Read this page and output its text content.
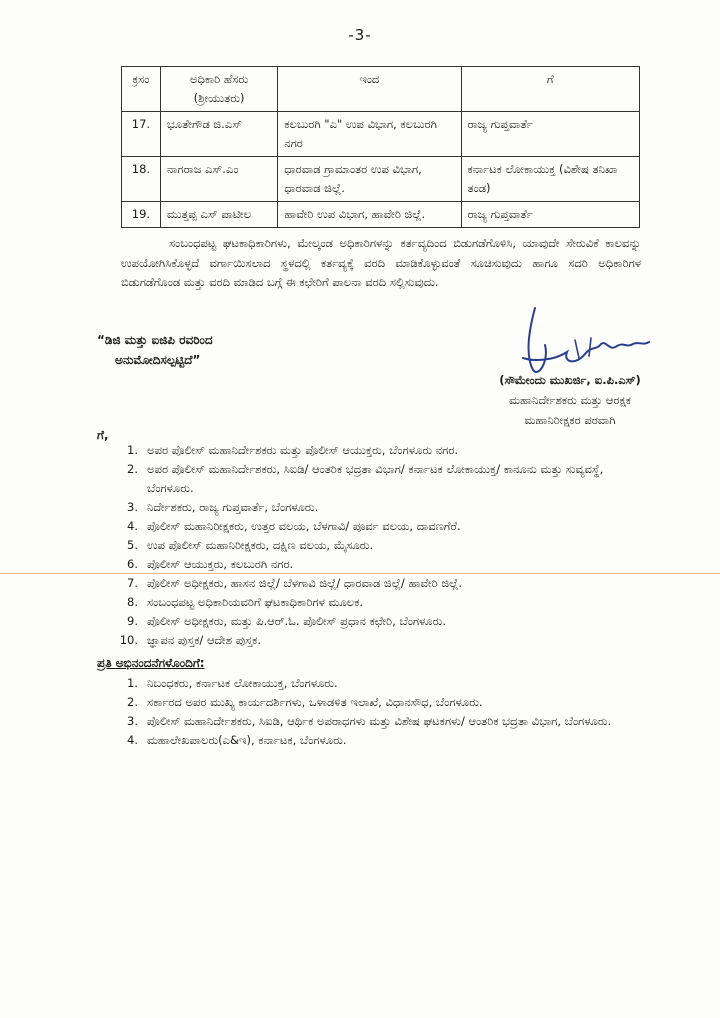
-3-
ಕ್ರಸಂ	ಅಧಿಕಾರಿ ಹೆಸರು (ಶ್ರೀಯುತರು)	ಇಂದ	ಗೆ
17.	ಭೂತೇಗೌಡ ಜಿ.ಎಸ್	ಕಲಬುರಗಿ "ಎ" ಉಪ ವಿಭಾಗ, ಕಲಬುರಗಿ ನಗರ	ರಾಜ್ಯ ಗುಪ್ತವಾರ್ತೆ
18.	ನಾಗರಾಜ ಎಸ್.ಎಂ	ಧಾರವಾಡ ಗ್ರಾಮಾಂತರ ಉಪ ವಿಭಾಗ, ಧಾರವಾಡ ಜಿಲ್ಲೆ.	ಕರ್ನಾಟಕ ಲೋಕಾಯುಕ್ತ (ವಿಶೇಷ ತನಿಖಾ ತಂಡ)
19.	ಮುತ್ತಪ್ಪ ಎಸ್ ಪಾಟೀಲ	ಹಾವೇರಿ ಉಪ ವಿಭಾಗ, ಹಾವೇರಿ ಜಿಲ್ಲೆ.	ರಾಜ್ಯ ಗುಪ್ತವಾರ್ತೆ
ಸಂಬಂಧಪಟ್ಟ ಘಟಕಾಧಿಕಾರಿಗಳು, ಮೇಲ್ಕಂಡ ಅಧಿಕಾರಿಗಳನ್ನು ಕರ್ತವ್ಯದಿಂದ ಬಿಡುಗಡೆಗೊಳಿಸಿ, ಯಾವುದೇ ಸೇರುವಿಕೆ ಕಾಲವನ್ನು ಉಪಯೋಗಿಸಿಕೊಳ್ಳದೆ ವರ್ಗಾಯಿಸಲಾದ ಸ್ಥಳದಲ್ಲಿ ಕರ್ತವ್ಯಕ್ಕೆ ವರದಿ ಮಾಡಿಕೊಳ್ಳುವಂತೆ ಸೂಚಿಸುವುದು ಹಾಗೂ ಸದರಿ ಅಧಿಕಾರಿಗಳ ಬಿಡುಗಡೆಗೊಂಡ ಮತ್ತು ವರದಿ ಮಾಡಿದ ಬಗ್ಗೆ ಈ ಕಛೇರಿಗೆ ಪಾಲನಾ ವರದಿ ಸಲ್ಲಿಸುವುದು.
“ಡಿಜಿ ಮತ್ತು ಐಜಿಪಿ ರವರಿಂದ
ಅನುಮೋದಿಸಲ್ಪಟ್ಟಿದೆ”
(ಸೌಮೇಂದು ಮುಖರ್ಜಿ, ಐ.ಪಿ.ಎಸ್)
ಮಹಾನಿರ್ದೇಶಕರು ಮತ್ತು ಆರಕ್ಷಕ
ಮಹಾನಿರೀಕ್ಷಕರ ಪರವಾಗಿ
ಗೆ,
1. ಅಪರ ಪೊಲೀಸ್ ಮಹಾನಿರ್ದೇಶಕರು ಮತ್ತು ಪೊಲೀಸ್ ಆಯುಕ್ತರು, ಬೆಂಗಳೂರು ನಗರ.
2. ಅಪರ ಪೊಲೀಸ್ ಮಹಾನಿರ್ದೇಶಕರು, ಸಿಐಡಿ/ ಆಂತರಿಕ ಭದ್ರತಾ ವಿಭಾಗ/ ಕರ್ನಾಟಕ ಲೋಕಾಯುಕ್ತ/ ಕಾನೂನು ಮತ್ತು ಸುವ್ಯವಸ್ಥೆ, ಬೆಂಗಳೂರು.
3. ನಿರ್ದೇಶಕರು, ರಾಜ್ಯ ಗುಪ್ತವಾರ್ತೆ, ಬೆಂಗಳೂರು.
4. ಪೊಲೀಸ್ ಮಹಾನಿರೀಕ್ಷಕರು, ಉತ್ತರ ವಲಯ, ಬೆಳಗಾವಿ/ ಪೂರ್ವ ವಲಯ, ದಾವಣಗೆರೆ.
5. ಉಪ ಪೊಲೀಸ್ ಮಹಾನಿರೀಕ್ಷಕರು, ದಕ್ಷಿಣ ವಲಯ, ಮೈಸೂರು.
6. ಪೊಲೀಸ್ ಆಯುಕ್ತರು, ಕಲಬುರಗಿ ನಗರ.
7. ಪೊಲೀಸ್ ಅಧೀಕ್ಷಕರು, ಹಾಸನ ಜಿಲ್ಲೆ/ ಬೆಳಗಾವಿ ಜಿಲ್ಲೆ/ ಧಾರವಾಡ ಜಿಲ್ಲೆ/ ಹಾವೇರಿ ಜಿಲ್ಲೆ.
8. ಸಂಬಂಧಪಟ್ಟ ಅಧಿಕಾರಿಯವರಿಗೆ ಘಟಕಾಧಿಕಾರಿಗಳ ಮೂಲಕ.
9. ಪೊಲೀಸ್ ಅಧೀಕ್ಷಕರು, ಮತ್ತು ಪಿ.ಆರ್.ಓ. ಪೊಲೀಸ್ ಪ್ರಧಾನ ಕಛೇರಿ, ಬೆಂಗಳೂರು.
10. ಜ್ಞಾಪನ ಪುಸ್ತಕ/ ಆದೇಶ ಪುಸ್ತಕ.
ಪ್ರತಿ ಅಭಿನಂದನೆಗಳೊಂದಿಗೆ:
1. ನಿಬಂಧಕರು, ಕರ್ನಾಟಕ ಲೋಕಾಯುಕ್ತ, ಬೆಂಗಳೂರು.
2. ಸರ್ಕಾರದ ಅಪರ ಮುಖ್ಯ ಕಾರ್ಯದರ್ಶಿಗಳು, ಒಳಾಡಳಿತ ಇಲಾಖೆ, ವಿಧಾನಸೌಧ, ಬೆಂಗಳೂರು.
3. ಪೊಲೀಸ್ ಮಹಾನಿರ್ದೇಶಕರು, ಸಿಐಡಿ, ಆರ್ಥಿಕ ಅಪರಾಧಗಳು ಮತ್ತು ವಿಶೇಷ ಘಟಕಗಳು/ ಆಂತರಿಕ ಭದ್ರತಾ ವಿಭಾಗ, ಬೆಂಗಳೂರು.
4. ಮಹಾಲೇಖಪಾಲರು(ಎ&ಇ), ಕರ್ನಾಟಕ, ಬೆಂಗಳೂರು.
